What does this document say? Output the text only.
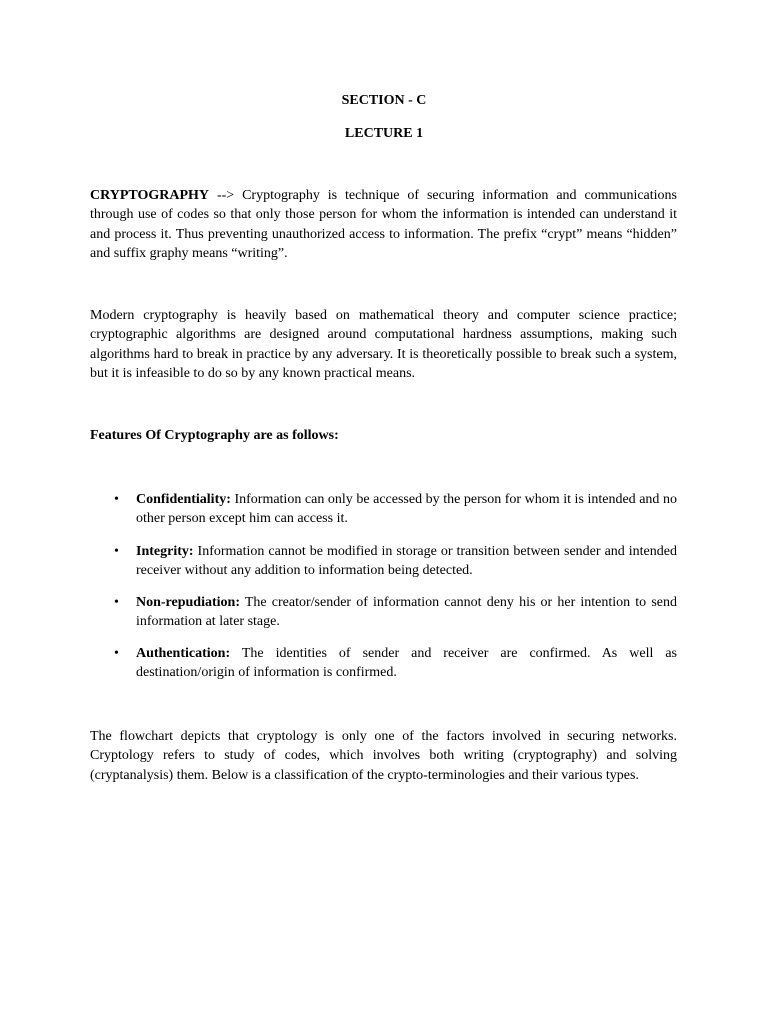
SECTION - C
LECTURE 1
CRYPTOGRAPHY --> Cryptography is technique of securing information and communications through use of codes so that only those person for whom the information is intended can understand it and process it. Thus preventing unauthorized access to information. The prefix “crypt” means “hidden” and suffix graphy means “writing”.
Modern cryptography is heavily based on mathematical theory and computer science practice; cryptographic algorithms are designed around computational hardness assumptions, making such algorithms hard to break in practice by any adversary. It is theoretically possible to break such a system, but it is infeasible to do so by any known practical means.
Features Of Cryptography are as follows:
•	Confidentiality: Information can only be accessed by the person for whom it is intended and no other person except him can access it.
•	Integrity: Information cannot be modified in storage or transition between sender and intended receiver without any addition to information being detected.
•	Non-repudiation: The creator/sender of information cannot deny his or her intention to send information at later stage.
•	Authentication: The identities of sender and receiver are confirmed. As well as destination/origin of information is confirmed.
The flowchart depicts that cryptology is only one of the factors involved in securing networks. Cryptology refers to study of codes, which involves both writing (cryptography) and solving (cryptanalysis) them. Below is a classification of the crypto-terminologies and their various types.
